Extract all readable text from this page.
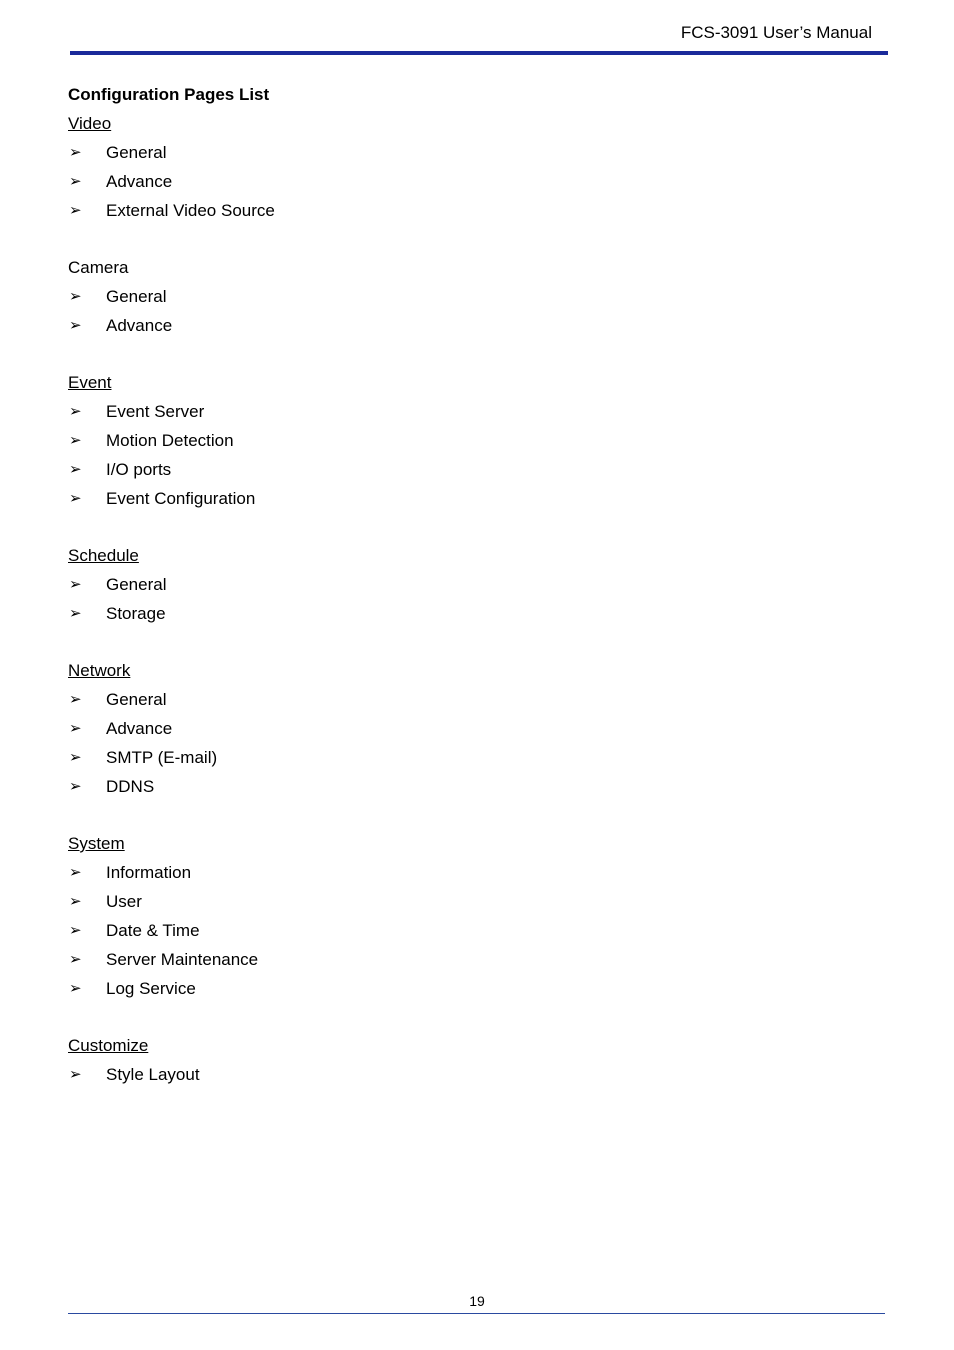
FCS-3091 User’s Manual
Configuration Pages List
Video
➢ General
➢ Advance
➢ External Video Source
Camera
➢ General
➢ Advance
Event
➢ Event Server
➢ Motion Detection
➢ I/O ports
➢ Event Configuration
Schedule
➢ General
➢ Storage
Network
➢ General
➢ Advance
➢ SMTP (E-mail)
➢ DDNS
System
➢ Information
➢ User
➢ Date & Time
➢ Server Maintenance
➢ Log Service
Customize
➢ Style Layout
19
